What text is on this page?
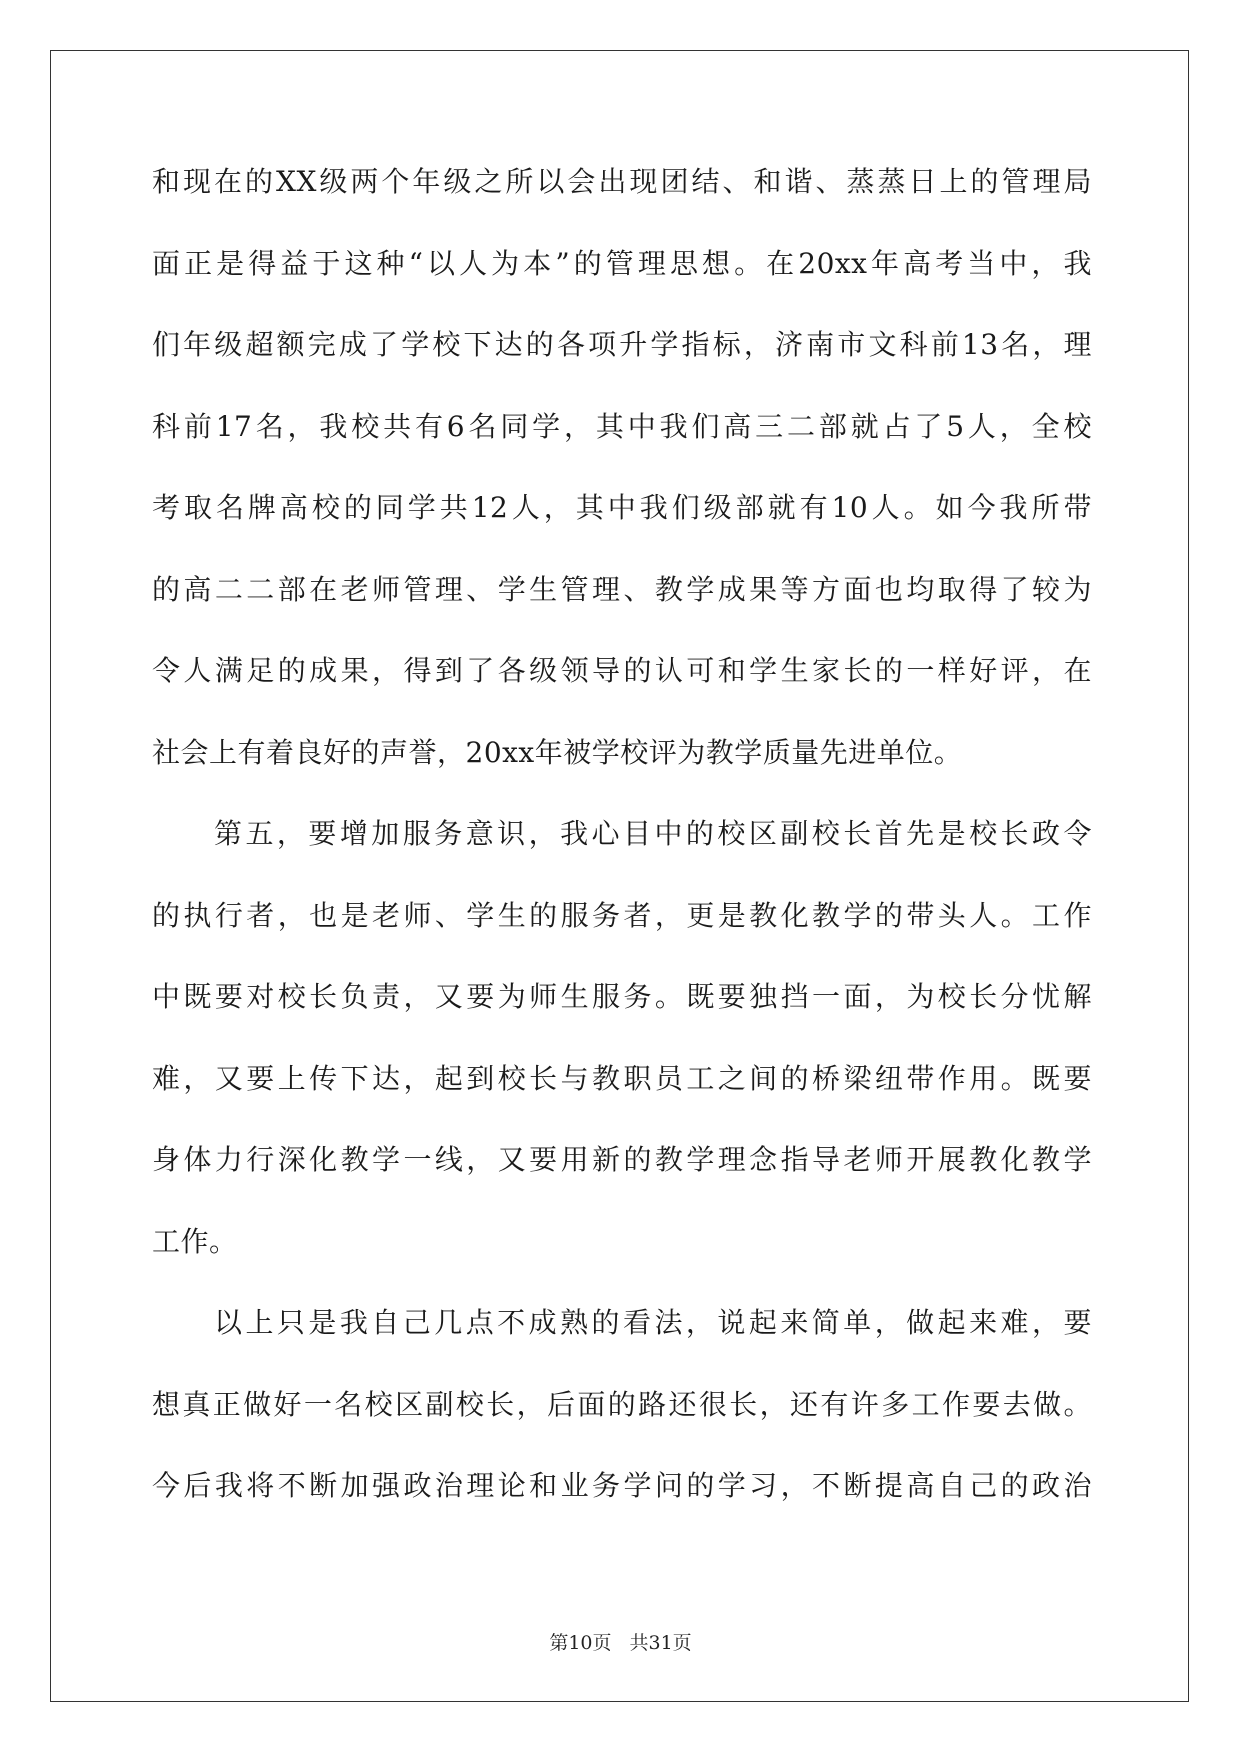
和现在的XX级两个年级之所以会出现团结、和谐、蒸蒸日上的管理局
面正是得益于这种“以人为本”的管理思想。在20xx年高考当中，我
们年级超额完成了学校下达的各项升学指标，济南市文科前13名，理
科前17名，我校共有6名同学，其中我们高三二部就占了5人，全校
考取名牌高校的同学共12人，其中我们级部就有10人。如今我所带
的高二二部在老师管理、学生管理、教学成果等方面也均取得了较为
令人满足的成果，得到了各级领导的认可和学生家长的一样好评，在
社会上有着良好的声誉，20xx年被学校评为教学质量先进单位。
第五，要增加服务意识，我心目中的校区副校长首先是校长政令
的执行者，也是老师、学生的服务者，更是教化教学的带头人。工作
中既要对校长负责，又要为师生服务。既要独挡一面，为校长分忧解
难，又要上传下达，起到校长与教职员工之间的桥梁纽带作用。既要
身体力行深化教学一线，又要用新的教学理念指导老师开展教化教学
工作。
以上只是我自己几点不成熟的看法，说起来简单，做起来难，要
想真正做好一名校区副校长，后面的路还很长，还有许多工作要去做。
今后我将不断加强政治理论和业务学问的学习，不断提高自己的政治
第10页 共31页
